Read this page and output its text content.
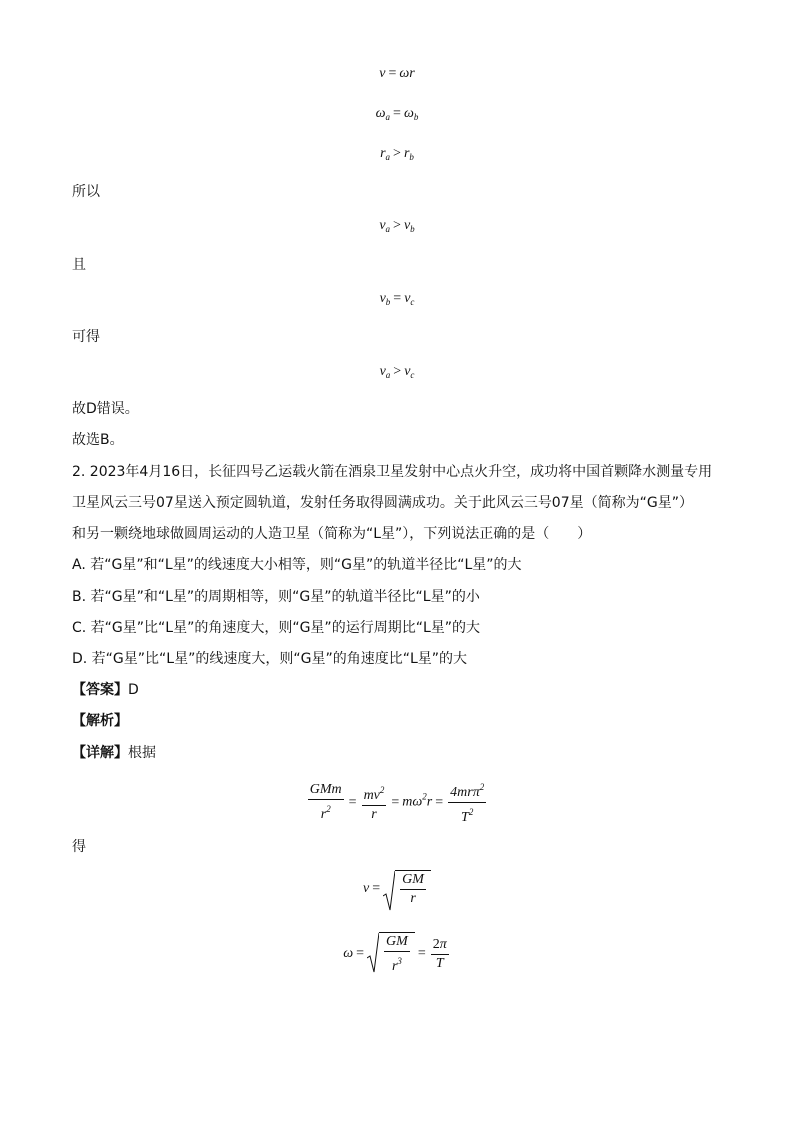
v = ωr
$\omega_a = \omega_b$
$r_a > r_b$
所以
$v_a > v_b$
且
$v_b = v_c$
可得
$v_a > v_c$
故D错误。
故选B。
2. 2023年4月16日，长征四号乙运载火箭在酒泉卫星发射中心点火升空，成功将中国首颗降水测量专用
卫星风云三号07星送入预定圆轨道，发射任务取得圆满成功。关于此风云三号07星（简称为“G星”）
和另一颗绕地球做圆周运动的人造卫星（简称为“L星”），下列说法正确的是（　　）
A. 若“G星”和“L星”的线速度大小相等，则“G星”的轨道半径比“L星”的大
B. 若“G星”和“L星”的周期相等，则“G星”的轨道半径比“L星”的小
C. 若“G星”比“L星”的角速度大，则“G星”的运行周期比“L星”的大
D. 若“G星”比“L星”的线速度大，则“G星”的角速度比“L星”的大
【答案】D
【解析】
【详解】根据
$\frac{\text{GMm}}{r^2} = \frac{mv^2}{r} = m\omega^2r = \frac{4mr\pi^2}{T^2}$
得
$v = \frac{GM}{r}$
$\omega = \frac{GM}{r^3} = \frac{2\pi}{T}$
